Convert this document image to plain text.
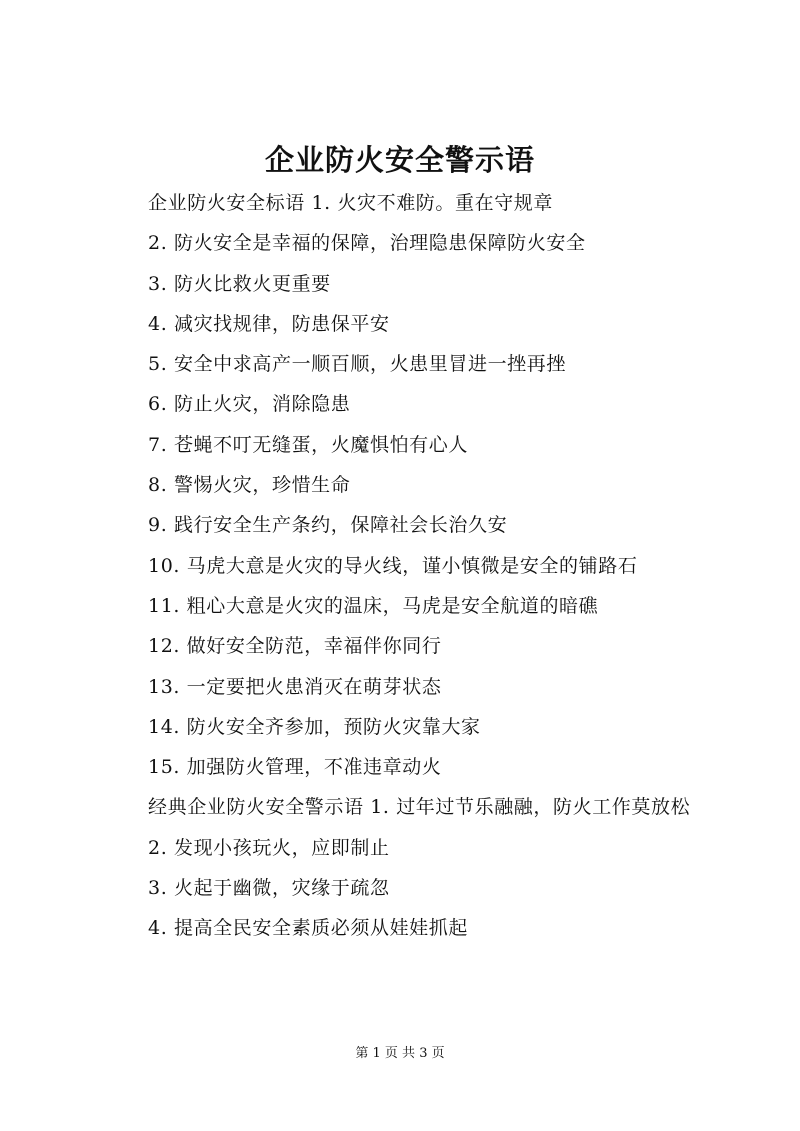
企业防火安全警示语

企业防火安全标语 1. 火灾不难防。重在守规章

2. 防火安全是幸福的保障，治理隐患保障防火安全

3. 防火比救火更重要

4. 减灾找规律，防患保平安

5. 安全中求高产一顺百顺，火患里冒进一挫再挫

6. 防止火灾，消除隐患

7. 苍蝇不叮无缝蛋，火魔惧怕有心人

8. 警惕火灾，珍惜生命

9. 践行安全生产条约，保障社会长治久安

10. 马虎大意是火灾的导火线，谨小慎微是安全的铺路石

11. 粗心大意是火灾的温床，马虎是安全航道的暗礁

12. 做好安全防范，幸福伴你同行

13. 一定要把火患消灭在萌芽状态

14. 防火安全齐参加，预防火灾靠大家

15. 加强防火管理，不准违章动火

经典企业防火安全警示语 1. 过年过节乐融融，防火工作莫放松

2. 发现小孩玩火，应即制止

3. 火起于幽微，灾缘于疏忽

4. 提高全民安全素质必须从娃娃抓起

第 1 页 共 3 页
